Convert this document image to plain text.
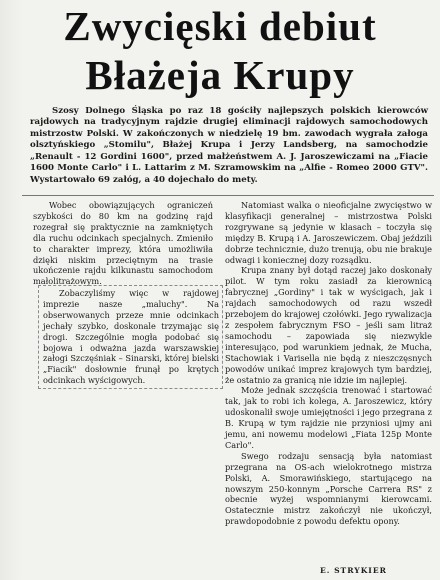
Zwycięski debiut
Błażeja Krupy

Szosy Dolnego Śląska po raz 18 gościły najlepszych polskich kierowców rajdowych na tradycyjnym rajdzie drugiej eliminacji rajdowych samochodowych mistrzostw Polski. W zakończonych w niedzielę 19 bm. zawodach wygrała załoga olsztyńskiego „Stomilu", Błażej Krupa i Jerzy Landsberg, na samochodzie „Renault - 12 Gordini 1600", przed małżeństwem A. J. Jaroszewiczami na „Fiacie 1600 Monte Carlo" i L. Lattarim z M. Szramowskim na „Alfie - Romeo 2000 GTV". Wystartowało 69 załóg, a 40 dojechało do mety.

Wobec obowiązujących ograniczeń szybkości do 80 km na godzinę rajd rozegrał się praktycznie na zamkniętych dla ruchu odcinkach specjalnych. Zmieniło to charakter imprezy, która umożliwiła dzięki niskim przeciętnym na trasie ukończenie rajdu kilkunastu samochodom małolitrażowym.

Zobaczyliśmy więc w rajdowej imprezie nasze „maluchy". Na obserwowanych przeze mnie odcinkach jechały szybko, doskonale trzymając się drogi. Szczególnie mogła podobać się bojowa i odważna jazda warszawskiej załogi Szczęśniak – Sinarski, której bielski „Fiacik" dosłownie frunął po krętych odcinkach wyścigowych.

Natomiast walka o nieoficjalne zwycięstwo w klasyfikacji generalnej – mistrzostwa Polski rozgrywane są jedynie w klasach – toczyła się między B. Krupą i A. Jaroszewiczem. Obaj jeździli dobrze technicznie, dużo trenują, obu nie brakuje odwagi i koniecznej dozy rozsądku.

Krupa znany był dotąd raczej jako doskonały pilot. W tym roku zasiadł za kierownicą fabrycznej „Gordiny" i tak w wyścigach, jak i rajdach samochodowych od razu wszedł przebojem do krajowej czołówki. Jego rywalizacja z zespołem fabrycznym FSO – jeśli sam litraż samochodu – zapowiada się niezwykle interesująco, pod warunkiem jednak, że Mucha, Stachowiak i Varisella nie będą z nieszczęsnych powodów unikać imprez krajowych tym bardziej, że ostatnio za granicą nie idzie im najlepiej.

Może jednak szczęścia trenować i startować tak, jak to robi ich kolega, A. Jaroszewicz, który udoskonalił swoje umiejętności i jego przegrana z B. Krupą w tym rajdzie nie przyniosi ujmy ani jemu, ani nowemu modelowi „Fiata 125p Monte Carlo".

Swego rodzaju sensacją była natomiast przegrana na OS-ach wielokrotnego mistrza Polski, A. Smorawińskiego, startującego na nowszym 250-konnym „Porsche Carrera RS" z obecnie wyżej wspomnianymi kierowcami. Ostatecznie mistrz zakończył nie ukończył, prawdopodobnie z powodu defektu opony.

E. STRYKIER
